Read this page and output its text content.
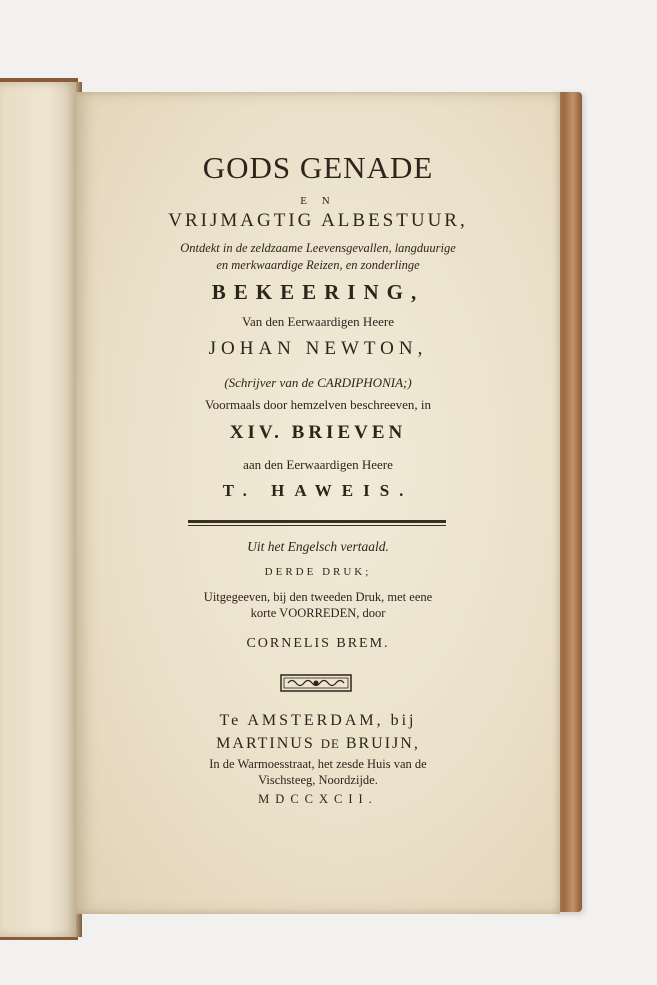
GODS GENADE
E N
VRIJMAGTIG ALBESTUUR,
Ontdekt in de zeldzaame Leevensgevallen, langduurige
en merkwaardige Reizen, en zonderlinge
BEKEERING,
Van den Eerwaardigen Heere
JOHAN NEWTON,
(Schrijver van de CARDIPHONIA;)
Voormaals door hemzelven beschreeven, in
XIV. BRIEVEN
aan den Eerwaardigen Heere
T. HAWEIS.
Uit het Engelsch vertaald.
DERDE DRUK;
Uitgegeeven, bij den tweeden Druk, met eene
korte VOORREDEN, door
CORNELIS BREM.
Te AMSTERDAM, bij
MARTINUS DE BRUIJN,
In de Warmoesstraat, het zesde Huis van de
Vischsteeg, Noordzijde.
MDCCXCII.
